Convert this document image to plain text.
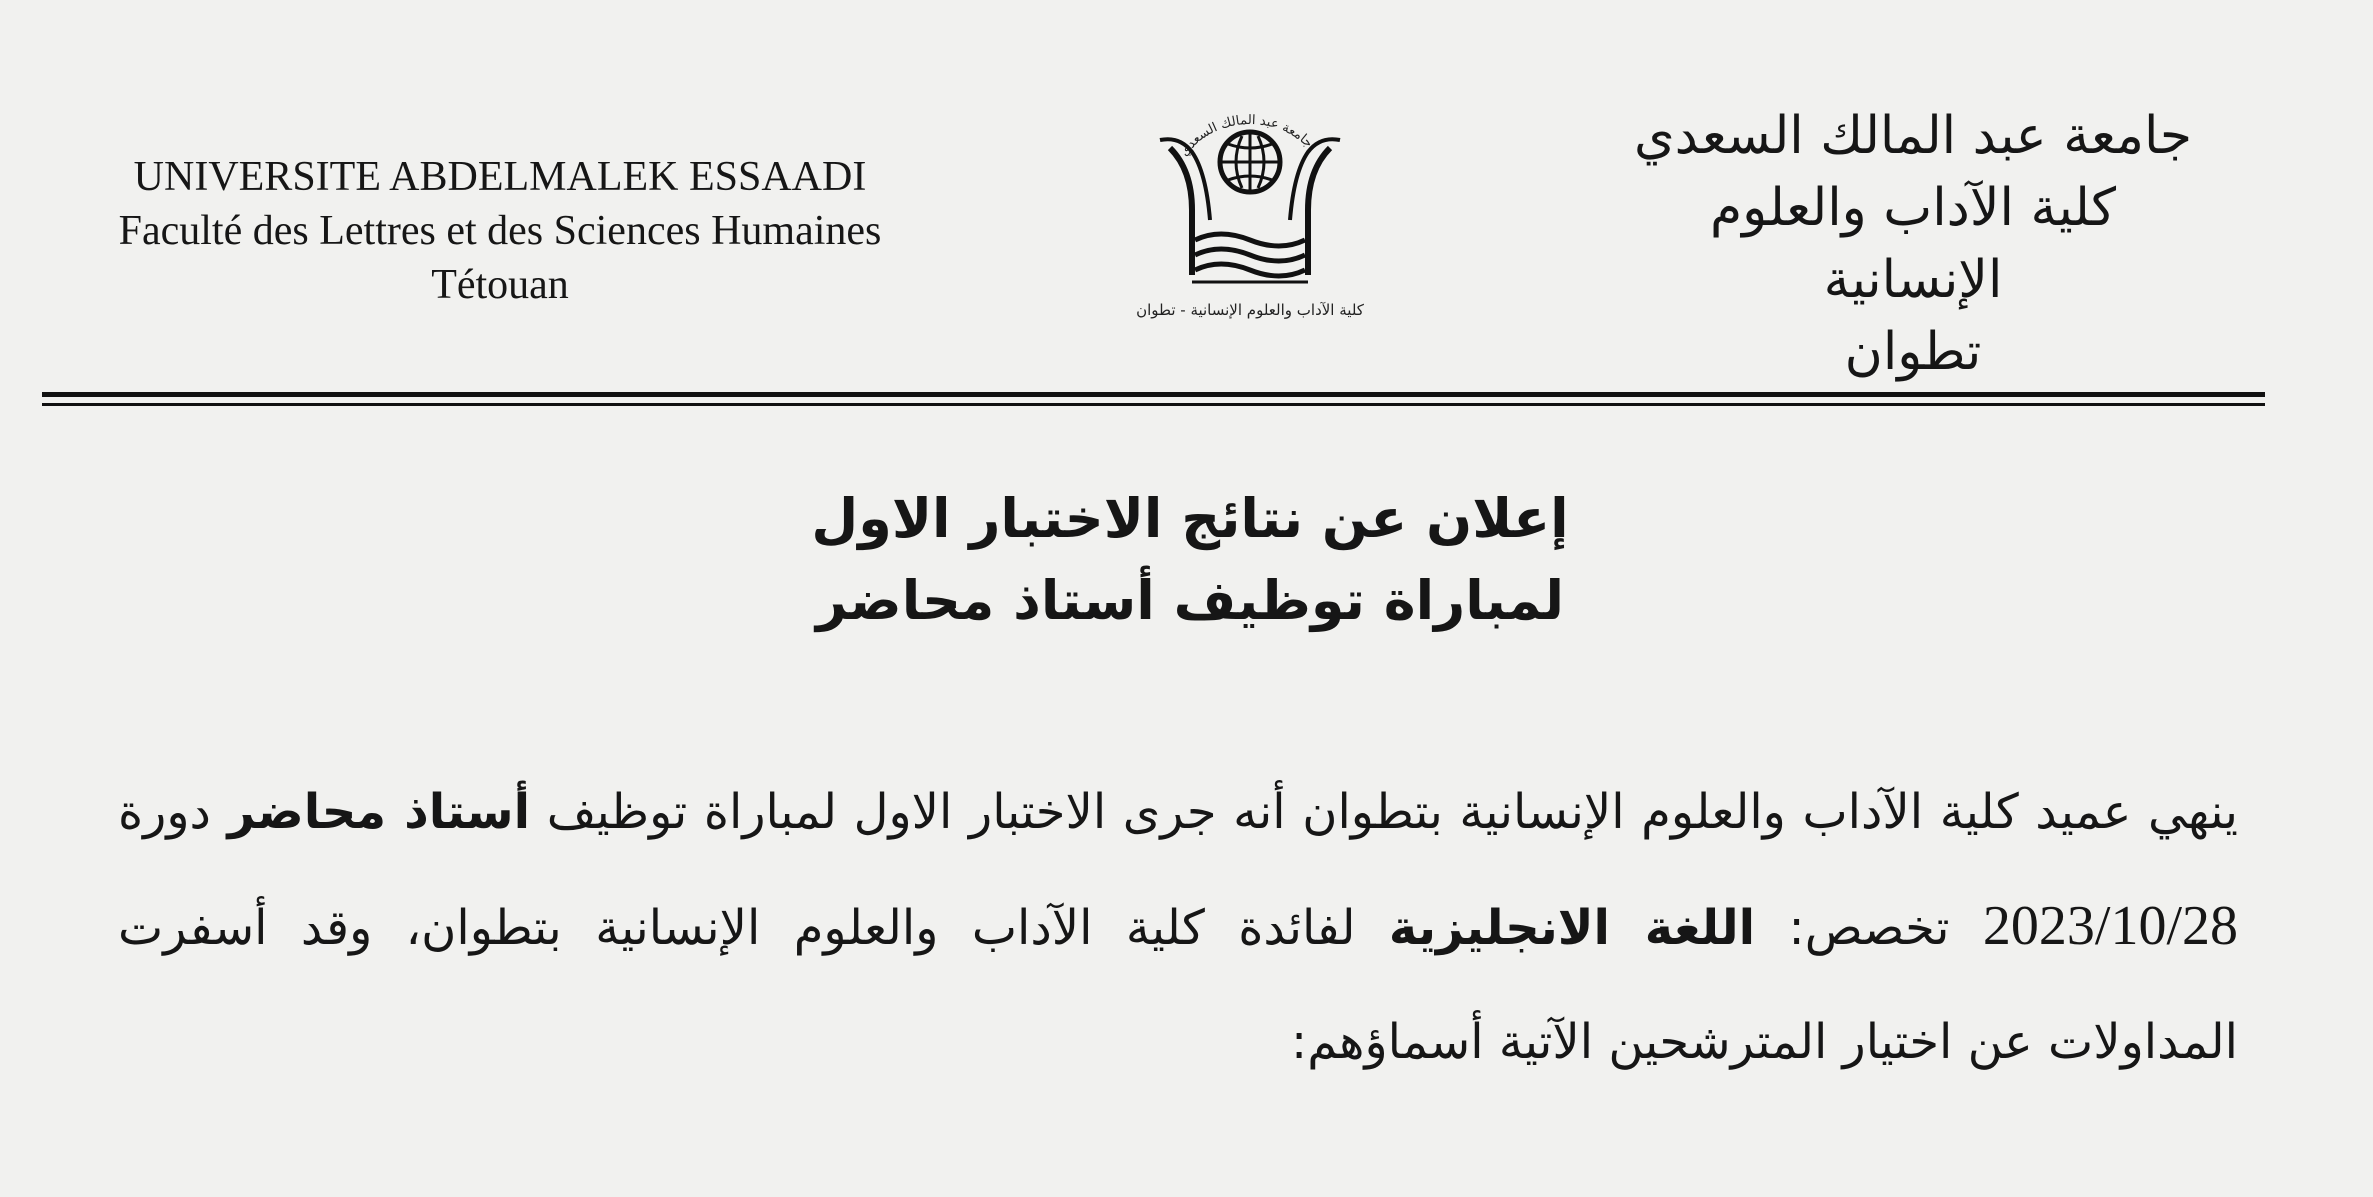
UNIVERSITE ABDELMALEK ESSAADI
Faculté des Lettres et des Sciences Humaines
Tétouan
جامعة عبد المالك السعدي
كلية الآداب والعلوم الإنسانية - تطوان
جامعة عبد المالك السعدي
كلية الآداب والعلوم الإنسانية
تطوان
إعلان عن نتائج الاختبار الاول
لمباراة توظيف أستاذ محاضر
ينهي عميد كلية الآداب والعلوم الإنسانية بتطوان أنه جرى الاختبار الاول لمباراة توظيف أستاذ محاضر دورة 2023/10/28 تخصص: اللغة الانجليزية لفائدة كلية الآداب والعلوم الإنسانية بتطوان، وقد أسفرت المداولات عن اختيار المترشحين الآتية أسماؤهم:
